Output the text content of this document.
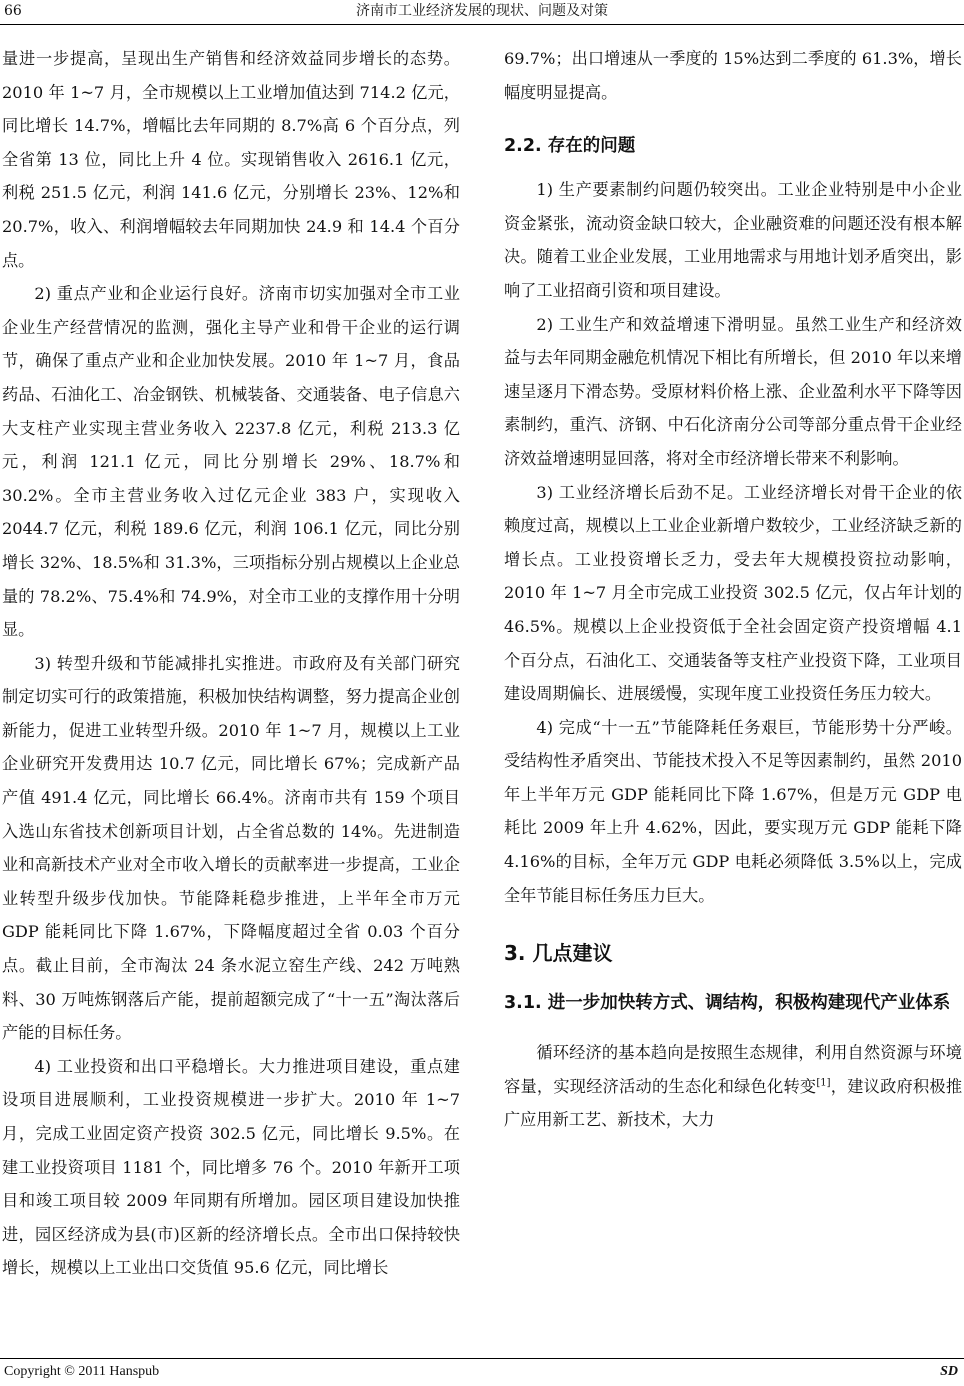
66	济南市工业经济发展的现状、问题及对策

量进一步提高，呈现出生产销售和经济效益同步增长的态势。2010 年 1~7 月，全市规模以上工业增加值达到 714.2 亿元，同比增长 14.7%，增幅比去年同期的 8.7%高 6 个百分点，列全省第 13 位，同比上升 4 位。实现销售收入 2616.1 亿元，利税 251.5 亿元，利润 141.6 亿元，分别增长 23%、12%和 20.7%，收入、利润增幅较去年同期加快 24.9 和 14.4 个百分点。

2) 重点产业和企业运行良好。济南市切实加强对全市工业企业生产经营情况的监测，强化主导产业和骨干企业的运行调节，确保了重点产业和企业加快发展。2010 年 1~7 月，食品药品、石油化工、冶金钢铁、机械装备、交通装备、电子信息六大支柱产业实现主营业务收入 2237.8 亿元，利税 213.3 亿元，利润 121.1 亿元，同比分别增长 29%、18.7%和 30.2%。全市主营业务收入过亿元企业 383 户，实现收入 2044.7 亿元，利税 189.6 亿元，利润 106.1 亿元，同比分别增长 32%、18.5%和 31.3%，三项指标分别占规模以上企业总量的 78.2%、75.4%和 74.9%，对全市工业的支撑作用十分明显。

3) 转型升级和节能减排扎实推进。市政府及有关部门研究制定切实可行的政策措施，积极加快结构调整，努力提高企业创新能力，促进工业转型升级。2010 年 1~7 月，规模以上工业企业研究开发费用达 10.7 亿元，同比增长 67%；完成新产品产值 491.4 亿元，同比增长 66.4%。济南市共有 159 个项目入选山东省技术创新项目计划，占全省总数的 14%。先进制造业和高新技术产业对全市收入增长的贡献率进一步提高，工业企业转型升级步伐加快。节能降耗稳步推进，上半年全市万元 GDP 能耗同比下降 1.67%，下降幅度超过全省 0.03 个百分点。截止目前，全市淘汰 24 条水泥立窑生产线、242 万吨熟料、30 万吨炼钢落后产能，提前超额完成了“十一五”淘汰落后产能的目标任务。

4) 工业投资和出口平稳增长。大力推进项目建设，重点建设项目进展顺利，工业投资规模进一步扩大。2010 年 1~7 月，完成工业固定资产投资 302.5 亿元，同比增长 9.5%。在建工业投资项目 1181 个，同比增多 76 个。2010 年新开工项目和竣工项目较 2009 年同期有所增加。园区项目建设加快推进，园区经济成为县(市)区新的经济增长点。全市出口保持较快增长，规模以上工业出口交货值 95.6 亿元，同比增长

69.7%；出口增速从一季度的 15%达到二季度的 61.3%，增长幅度明显提高。

2.2. 存在的问题

1) 生产要素制约问题仍较突出。工业企业特别是中小企业资金紧张，流动资金缺口较大，企业融资难的问题还没有根本解决。随着工业企业发展，工业用地需求与用地计划矛盾突出，影响了工业招商引资和项目建设。

2) 工业生产和效益增速下滑明显。虽然工业生产和经济效益与去年同期金融危机情况下相比有所增长，但 2010 年以来增速呈逐月下滑态势。受原材料价格上涨、企业盈利水平下降等因素制约，重汽、济钢、中石化济南分公司等部分重点骨干企业经济效益增速明显回落，将对全市经济增长带来不利影响。

3) 工业经济增长后劲不足。工业经济增长对骨干企业的依赖度过高，规模以上工业企业新增户数较少，工业经济缺乏新的增长点。工业投资增长乏力，受去年大规模投资拉动影响，2010 年 1~7 月全市完成工业投资 302.5 亿元，仅占年计划的 46.5%。规模以上企业投资低于全社会固定资产投资增幅 4.1 个百分点，石油化工、交通装备等支柱产业投资下降，工业项目建设周期偏长、进展缓慢，实现年度工业投资任务压力较大。

4) 完成“十一五”节能降耗任务艰巨，节能形势十分严峻。受结构性矛盾突出、节能技术投入不足等因素制约，虽然 2010 年上半年万元 GDP 能耗同比下降 1.67%，但是万元 GDP 电耗比 2009 年上升 4.62%，因此，要实现万元 GDP 能耗下降 4.16%的目标，全年万元 GDP 电耗必须降低 3.5%以上，完成全年节能目标任务压力巨大。

3. 几点建议
3.1. 进一步加快转方式、调结构，积极构建现代产业体系

循环经济的基本趋向是按照生态规律，利用自然资源与环境容量，实现经济活动的生态化和绿色化转变[1]，建议政府积极推广应用新工艺、新技术，大力

Copyright © 2011 Hanspub	SD
